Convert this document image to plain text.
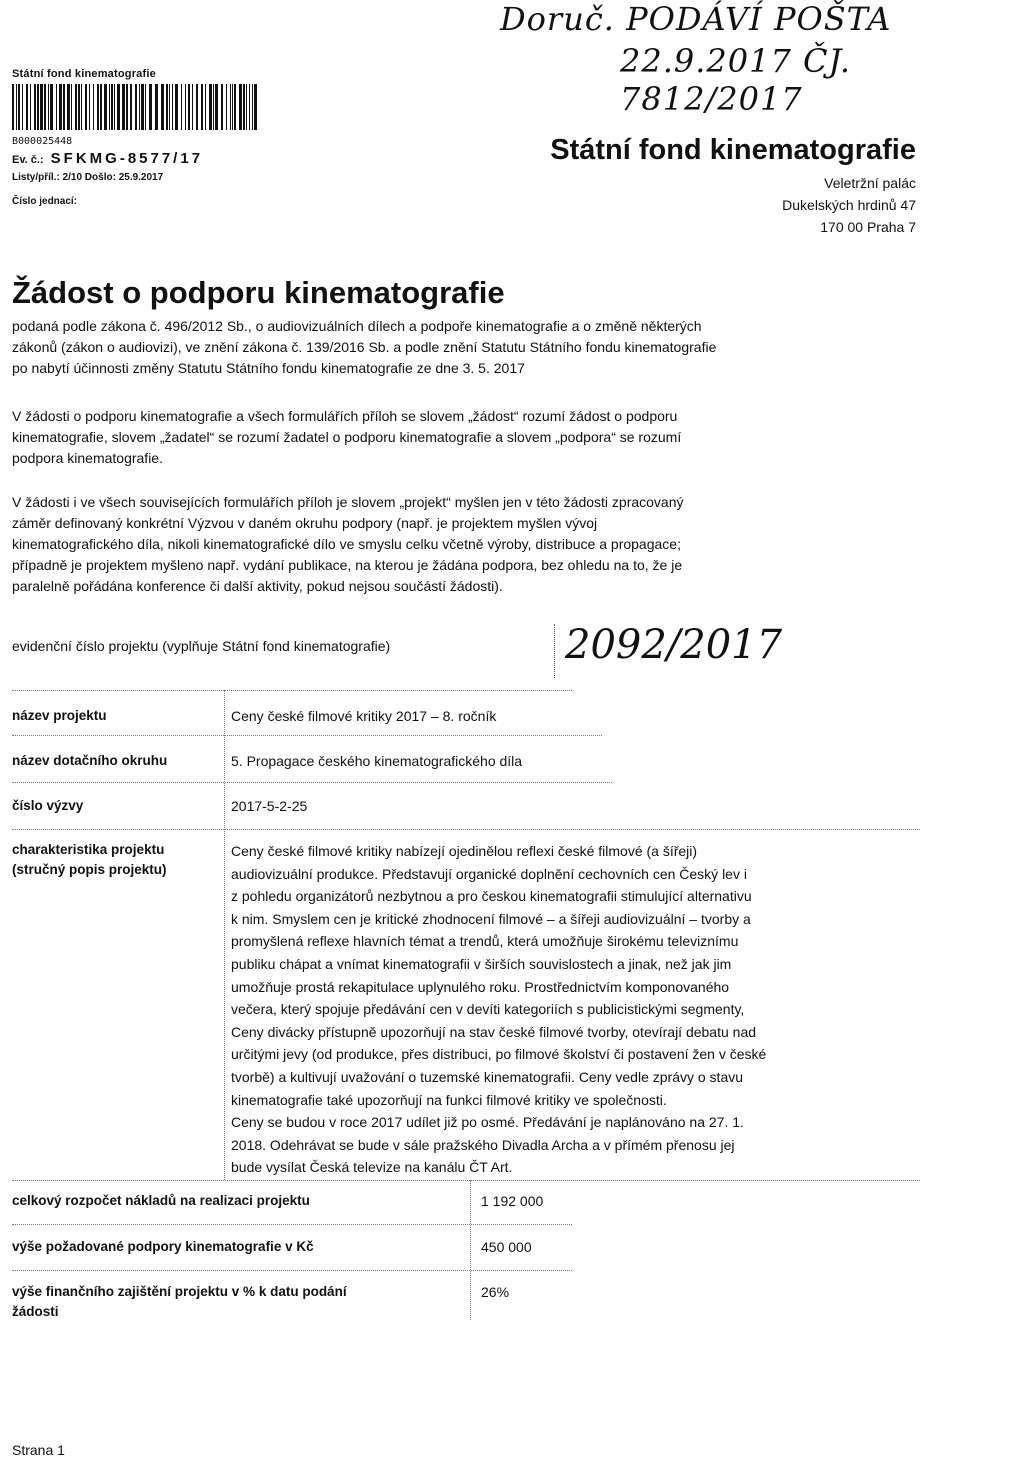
Státní fond kinematografie
B000025448
Ev. č.: SFKMG-8577/17
Listy/příl.: 2/10 Došlo: 25.9.2017
Číslo jednací:
Doruč. PODÁVÍ POŠTA
22.9.2017 ČJ. 7812/2017
Státní fond kinematografie
Veletržní palác
Dukelských hrdinů 47
170 00 Praha 7
Žádost o podporu kinematografie
podaná podle zákona č. 496/2012 Sb., o audiovizuálních dílech a podpoře kinematografie a o změně některých
zákonů (zákon o audiovizi), ve znění zákona č. 139/2016 Sb. a podle znění Statutu Státního fondu kinematografie
po nabytí účinnosti změny Statutu Státního fondu kinematografie ze dne 3. 5. 2017
V žádosti o podporu kinematografie a všech formulářích příloh se slovem „žádost“ rozumí žádost o podporu
kinematografie, slovem „žadatel“ se rozumí žadatel o podporu kinematografie a slovem „podpora“ se rozumí
podpora kinematografie.
V žádosti i ve všech souvisejících formulářích příloh je slovem „projekt“ myšlen jen v této žádosti zpracovaný
záměr definovaný konkrétní Výzvou v daném okruhu podpory (např. je projektem myšlen vývoj
kinematografického díla, nikoli kinematografické dílo ve smyslu celku včetně výroby, distribuce a propagace;
případně je projektem myšleno např. vydání publikace, na kterou je žádána podpora, bez ohledu na to, že je
paralelně pořádána konference či další aktivity, pokud nejsou součástí žádosti).
evidenční číslo projektu (vyplňuje Státní fond kinematografie)	2092/2017
název projektu	Ceny české filmové kritiky 2017 – 8. ročník
název dotačního okruhu	5. Propagace českého kinematografického díla
číslo výzvy	2017-5-2-25
charakteristika projektu
(stručný popis projektu)
Ceny české filmové kritiky nabízejí ojedinělou reflexi české filmové (a šířeji)
audiovizuální produkce. Představují organické doplnění cechovních cen Český lev i
z pohledu organizátorů nezbytnou a pro českou kinematografii stimulující alternativu
k nim. Smyslem cen je kritické zhodnocení filmové – a šířeji audiovizuální – tvorby a
promyšlená reflexe hlavních témat a trendů, která umožňuje širokému televiznímu
publiku chápat a vnímat kinematografii v širších souvislostech a jinak, než jak jim
umožňuje prostá rekapitulace uplynulého roku. Prostřednictvím komponovaného
večera, který spojuje předávání cen v devíti kategoriích s publicistickými segmenty,
Ceny divácky přístupně upozorňují na stav české filmové tvorby, otevírají debatu nad
určitými jevy (od produkce, přes distribuci, po filmové školství či postavení žen v české
tvorbě) a kultivují uvažování o tuzemské kinematografii. Ceny vedle zprávy o stavu
kinematografie také upozorňují na funkci filmové kritiky ve společnosti.
Ceny se budou v roce 2017 udílet již po osmé. Předávání je naplánováno na 27. 1.
2018. Odehrávat se bude v sále pražského Divadla Archa a v přímém přenosu jej
bude vysílat Česká televize na kanálu ČT Art.
celkový rozpočet nákladů na realizaci projektu	1 192 000
výše požadované podpory kinematografie v Kč	450 000
výše finančního zajištění projektu v % k datu podání
žádosti
26%
Strana 1
